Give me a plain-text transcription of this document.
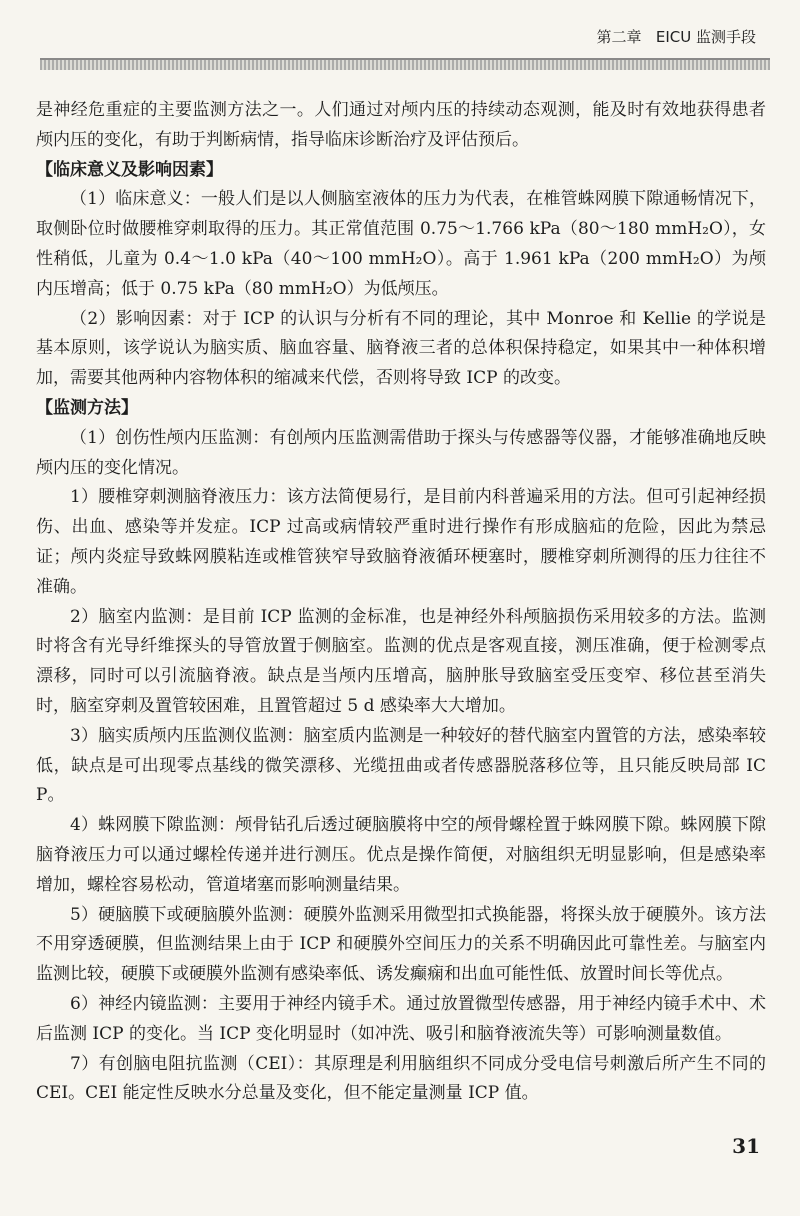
第二章 EICU 监测手段

是神经危重症的主要监测方法之一。人们通过对颅内压的持续动态观测，能及时有效地获得患者颅内压的变化，有助于判断病情，指导临床诊断治疗及评估预后。

【临床意义及影响因素】

（1）临床意义：一般人们是以人侧脑室液体的压力为代表，在椎管蛛网膜下隙通畅情况下，取侧卧位时做腰椎穿刺取得的压力。其正常值范围 0.75～1.766 kPa（80～180 mmH₂O），女性稍低，儿童为 0.4～1.0 kPa（40～100 mmH₂O）。高于 1.961 kPa（200 mmH₂O）为颅内压增高；低于 0.75 kPa（80 mmH₂O）为低颅压。

（2）影响因素：对于 ICP 的认识与分析有不同的理论，其中 Monroe 和 Kellie 的学说是基本原则，该学说认为脑实质、脑血容量、脑脊液三者的总体积保持稳定，如果其中一种体积增加，需要其他两种内容物体积的缩减来代偿，否则将导致 ICP 的改变。

【监测方法】

（1）创伤性颅内压监测：有创颅内压监测需借助于探头与传感器等仪器，才能够准确地反映颅内压的变化情况。

1）腰椎穿刺测脑脊液压力：该方法简便易行，是目前内科普遍采用的方法。但可引起神经损伤、出血、感染等并发症。ICP 过高或病情较严重时进行操作有形成脑疝的危险，因此为禁忌证；颅内炎症导致蛛网膜粘连或椎管狭窄导致脑脊液循环梗塞时，腰椎穿刺所测得的压力往往不准确。

2）脑室内监测：是目前 ICP 监测的金标准，也是神经外科颅脑损伤采用较多的方法。监测时将含有光导纤维探头的导管放置于侧脑室。监测的优点是客观直接，测压准确，便于检测零点漂移，同时可以引流脑脊液。缺点是当颅内压增高，脑肿胀导致脑室受压变窄、移位甚至消失时，脑室穿刺及置管较困难，且置管超过 5 d 感染率大大增加。

3）脑实质颅内压监测仪监测：脑室质内监测是一种较好的替代脑室内置管的方法，感染率较低，缺点是可出现零点基线的微笑漂移、光缆扭曲或者传感器脱落移位等，且只能反映局部 ICP。

4）蛛网膜下隙监测：颅骨钻孔后透过硬脑膜将中空的颅骨螺栓置于蛛网膜下隙。蛛网膜下隙脑脊液压力可以通过螺栓传递并进行测压。优点是操作简便，对脑组织无明显影响，但是感染率增加，螺栓容易松动，管道堵塞而影响测量结果。

5）硬脑膜下或硬脑膜外监测：硬膜外监测采用微型扣式换能器，将探头放于硬膜外。该方法不用穿透硬膜，但监测结果上由于 ICP 和硬膜外空间压力的关系不明确因此可靠性差。与脑室内监测比较，硬膜下或硬膜外监测有感染率低、诱发癫痫和出血可能性低、放置时间长等优点。

6）神经内镜监测：主要用于神经内镜手术。通过放置微型传感器，用于神经内镜手术中、术后监测 ICP 的变化。当 ICP 变化明显时（如冲洗、吸引和脑脊液流失等）可影响测量数值。

7）有创脑电阻抗监测（CEI）：其原理是利用脑组织不同成分受电信号刺激后所产生不同的 CEI。CEI 能定性反映水分总量及变化，但不能定量测量 ICP 值。

31
